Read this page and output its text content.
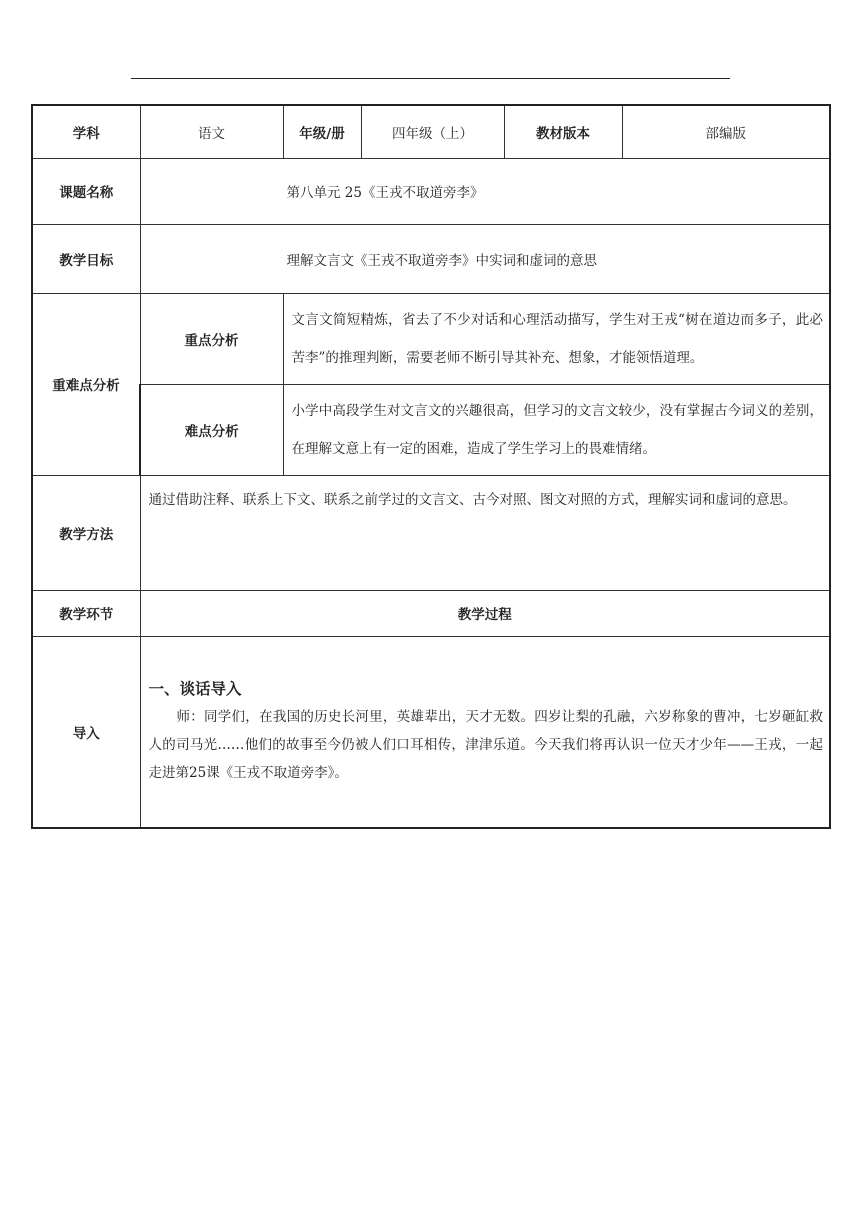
学科	语文	年级/册	四年级（上）	教材版本	部编版
课题名称	第八单元 25《王戎不取道旁李》				
教学目标	理解文言文《王戎不取道旁李》中实词和虚词的意思				
重难点分析	重点分析	文言文简短精炼，省去了不少对话和心理活动描写，学生对王戎“树在道边而多子，此必苦李”的推理判断，需要老师不断引导其补充、想象，才能领悟道理。			
	难点分析	小学中高段学生对文言文的兴趣很高，但学习的文言文较少，没有掌握古今词义的差别，在理解文意上有一定的困难，造成了学生学习上的畏难情绪。			
教学方法	通过借助注释、联系上下文、联系之前学过的文言文、古今对照、图文对照的方式，理解实词和虚词的意思。				
教学环节	教学过程				
导入	一、谈话导入
师：同学们，在我国的历史长河里，英雄辈出，天才无数。四岁让梨的孔融，六岁称象的曹冲，七岁砸缸救人的司马光……他们的故事至今仍被人们口耳相传，津津乐道。今天我们将再认识一位天才少年——王戎，一起走进第25课《王戎不取道旁李》。				
